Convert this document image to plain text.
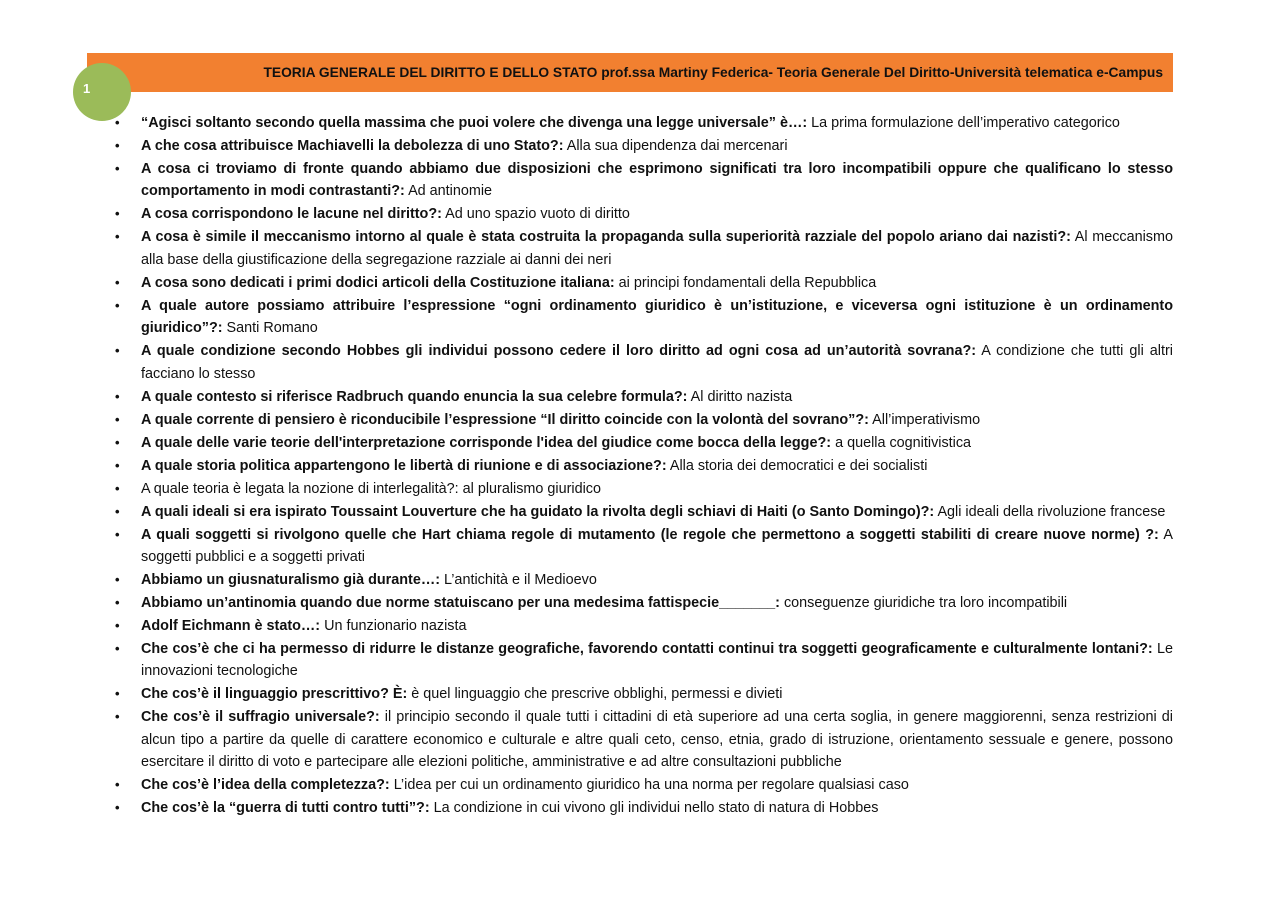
TEORIA GENERALE DEL DIRITTO E DELLO STATO prof.ssa Martiny Federica- Teoria Generale Del Diritto-Università telematica e-Campus
1
• “Agisci soltanto secondo quella massima che puoi volere che divenga una legge universale” è…: La prima formulazione dell’imperativo categorico
• A che cosa attribuisce Machiavelli la debolezza di uno Stato?: Alla sua dipendenza dai mercenari
• A cosa ci troviamo di fronte quando abbiamo due disposizioni che esprimono significati tra loro incompatibili oppure che qualificano lo stesso comportamento in modi contrastanti?: Ad antinomie
• A cosa corrispondono le lacune nel diritto?: Ad uno spazio vuoto di diritto
• A cosa è simile il meccanismo intorno al quale è stata costruita la propaganda sulla superiorità razziale del popolo ariano dai nazisti?: Al meccanismo alla base della giustificazione della segregazione razziale ai danni dei neri
• A cosa sono dedicati i primi dodici articoli della Costituzione italiana: ai principi fondamentali della Repubblica
• A quale autore possiamo attribuire l’espressione “ogni ordinamento giuridico è un’istituzione, e viceversa ogni istituzione è un ordinamento giuridico”?: Santi Romano
• A quale condizione secondo Hobbes gli individui possono cedere il loro diritto ad ogni cosa ad un’autorità sovrana?: A condizione che tutti gli altri facciano lo stesso
• A quale contesto si riferisce Radbruch quando enuncia la sua celebre formula?: Al diritto nazista
• A quale corrente di pensiero è riconducibile l’espressione “Il diritto coincide con la volontà del sovrano”?: All’imperativismo
• A quale delle varie teorie dell'interpretazione corrisponde l'idea del giudice come bocca della legge?: a quella cognitivistica
• A quale storia politica appartengono le libertà di riunione e di associazione?: Alla storia dei democratici e dei socialisti
• A quale teoria è legata la nozione di interlegalità?: al pluralismo giuridico
• A quali ideali si era ispirato Toussaint Louverture che ha guidato la rivolta degli schiavi di Haiti (o Santo Domingo)?: Agli ideali della rivoluzione francese
• A quali soggetti si rivolgono quelle che Hart chiama regole di mutamento (le regole che permettono a soggetti stabiliti di creare nuove norme) ?: A soggetti pubblici e a soggetti privati
• Abbiamo un giusnaturalismo già durante…: L’antichità e il Medioevo
• Abbiamo un’antinomia quando due norme statuiscano per una medesima fattispecie_______: conseguenze giuridiche tra loro incompatibili
• Adolf Eichmann è stato…: Un funzionario nazista
• Che cos’è che ci ha permesso di ridurre le distanze geografiche, favorendo contatti continui tra soggetti geograficamente e culturalmente lontani?: Le innovazioni tecnologiche
• Che cos’è il linguaggio prescrittivo? È: è quel linguaggio che prescrive obblighi, permessi e divieti
• Che cos’è il suffragio universale?: il principio secondo il quale tutti i cittadini di età superiore ad una certa soglia, in genere maggiorenni, senza restrizioni di alcun tipo a partire da quelle di carattere economico e culturale e altre quali ceto, censo, etnia, grado di istruzione, orientamento sessuale e genere, possono esercitare il diritto di voto e partecipare alle elezioni politiche, amministrative e ad altre consultazioni pubbliche
• Che cos’è l’idea della completezza?: L’idea per cui un ordinamento giuridico ha una norma per regolare qualsiasi caso
• Che cos’è la “guerra di tutti contro tutti”?: La condizione in cui vivono gli individui nello stato di natura di Hobbes
